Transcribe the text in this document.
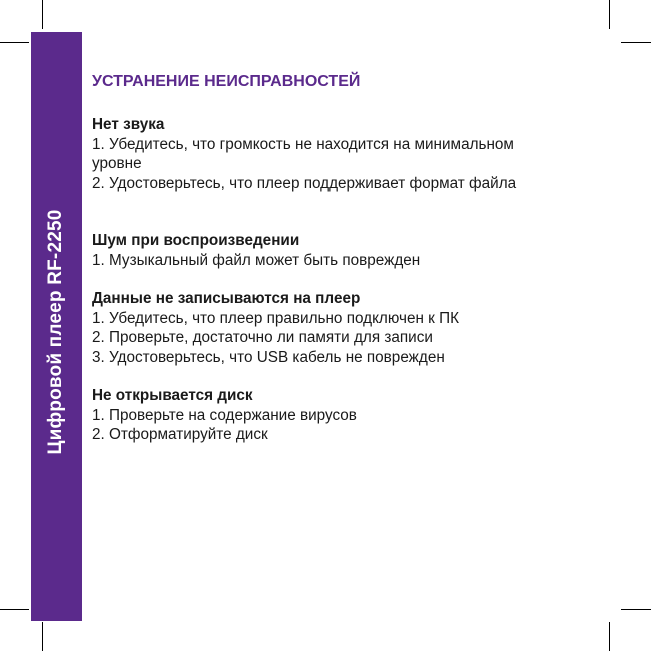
Цифровой плеер RF-2250
УСТРАНЕНИЕ НЕИСПРАВНОСТЕЙ

Нет звука

1. Убедитесь, что громкость не находится на минимальном

уровне

2. Удостоверьтесь, что плеер поддерживает формат файла

Шум при воспроизведении

1. Музыкальный файл может быть поврежден

Данные не записываются на плеер

1. Убедитесь, что плеер правильно подключен к ПК

2. Проверьте, достаточно ли памяти для записи

3. Удостоверьтесь, что USB кабель не поврежден

Не открывается диск

1. Проверьте на содержание вирусов

2. Отформатируйте диск
